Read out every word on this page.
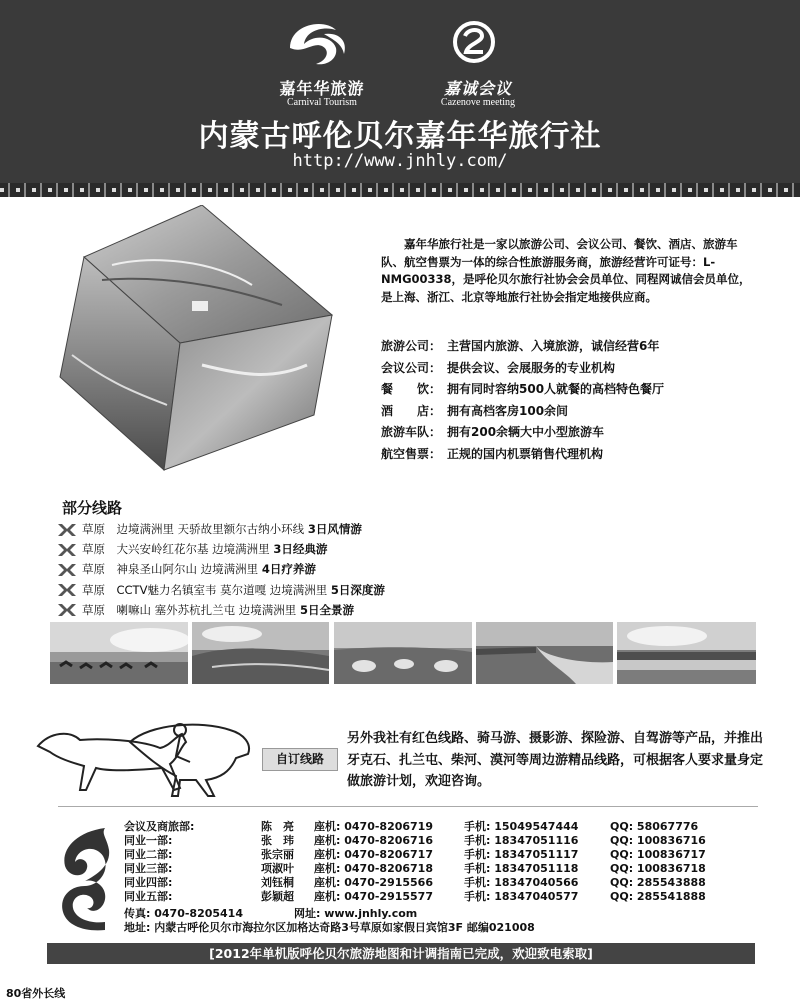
嘉年华旅游
Carnival Tourism
嘉诚会议
Cazenove meeting
内蒙古呼伦贝尔嘉年华旅行社
http://www.jnhly.com/
嘉年华旅行社是一家以旅游公司、会议公司、餐饮、酒店、旅游车队、航空售票为一体的综合性旅游服务商，旅游经营许可证号：L-NMG00338，是呼伦贝尔旅行社协会会员单位、同程网诚信会员单位，是上海、浙江、北京等地旅行社协会指定地接供应商。
旅游公司： 主营国内旅游、入境旅游，诚信经营6年
会议公司： 提供会议、会展服务的专业机构
餐　　饮： 拥有同时容纳500人就餐的高档特色餐厅
酒　　店： 拥有高档客房100余间
旅游车队： 拥有200余辆大中小型旅游车
航空售票： 正规的国内机票销售代理机构
部分线路
草原　 边境满洲里 天骄故里额尔古纳小环线 3日风情游
草原　 大兴安岭红花尔基 边境满洲里 3日经典游
草原　 神泉圣山阿尔山 边境满洲里 4日疗养游
草原　 CCTV魅力名镇室韦 莫尔道嘎 边境满洲里 5日深度游
草原　 喇嘛山 塞外苏杭扎兰屯 边境满洲里 5日全景游
自订线路
另外我社有红色线路、骑马游、摄影游、探险游、自驾游等产品，并推出牙克石、扎兰屯、柴河、漠河等周边游精品线路，可根据客人要求量身定做旅游计划，欢迎咨询。
会议及商旅部:	陈　亮 座机: 0470-8206719	手机: 15049547444	QQ: 58067776
同业一部:	张　玮 座机: 0470-8206716	手机: 18347051116	QQ: 100836716
同业二部:	张宗丽 座机: 0470-8206717	手机: 18347051117	QQ: 100836717
同业三部:	项淑叶 座机: 0470-8206718	手机: 18347051118	QQ: 100836718
同业四部:	刘钰桐 座机: 0470-2915566	手机: 18347040566	QQ: 285543888
同业五部:	彭颖超 座机: 0470-2915577	手机: 18347040577	QQ: 285541888
传真: 0470-8205414	网址: www.jnhly.com
地址: 内蒙古呼伦贝尔市海拉尔区加格达奇路3号草原如家假日宾馆3F 邮编021008
[2012年单机版呼伦贝尔旅游地图和计调指南已完成，欢迎致电索取]
80省外长线
